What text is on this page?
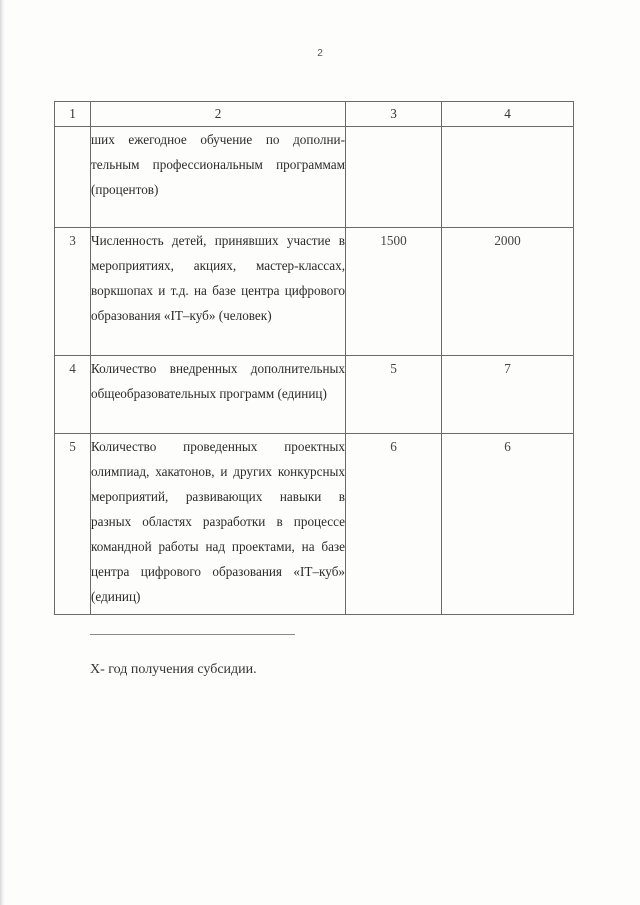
2
1	2	3	4
	ших ежегодное обучение по дополнительным профессиональным программам (процентов)		
3	Численность детей, принявших участие в мероприятиях, акциях, мастер-классах, воркшопах и т.д. на базе центра цифрового образования «IT–куб» (человек)	1500	2000
4	Количество внедренных дополнительных общеобразовательных программ (единиц)	5	7
5	Количество проведенных проектных олимпиад, хакатонов, и других конкурсных мероприятий, развивающих навыки в разных областях разработки в процессе командной работы над проектами, на базе центра цифрового образования «IT–куб» (единиц)	6	6
Х- год получения субсидии.
